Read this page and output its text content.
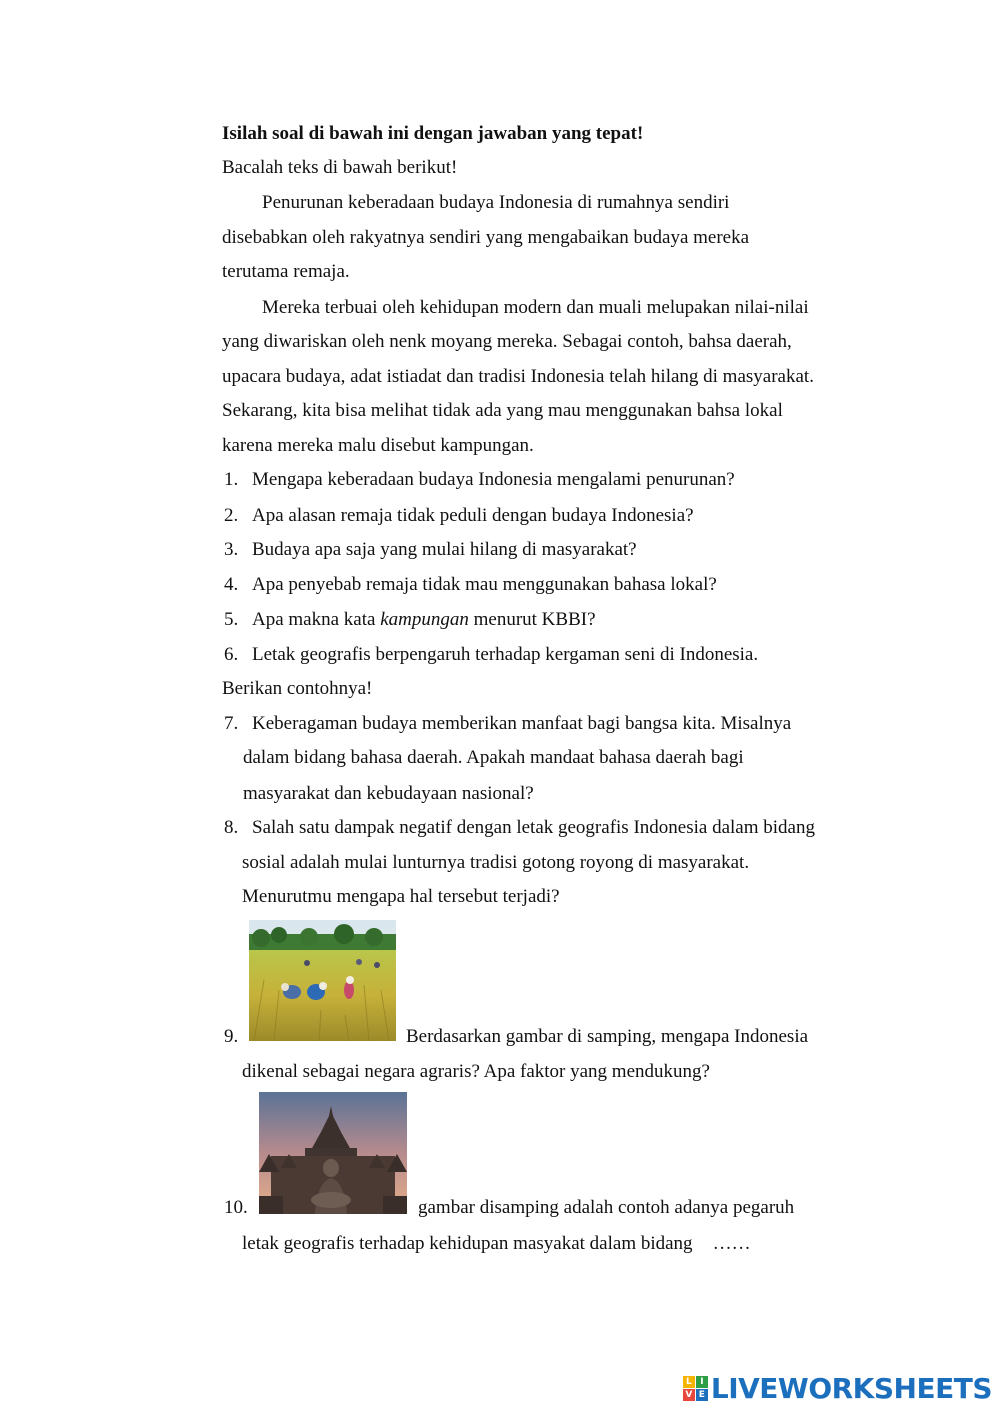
Isilah soal di bawah ini dengan jawaban yang tepat!
Bacalah teks di bawah berikut!
Penurunan keberadaan budaya Indonesia di rumahnya sendiri
disebabkan oleh rakyatnya sendiri yang mengabaikan budaya mereka
terutama remaja.
Mereka terbuai oleh kehidupan modern dan muali melupakan nilai-nilai
yang diwariskan oleh nenk moyang mereka. Sebagai contoh, bahsa daerah,
upacara budaya, adat istiadat dan tradisi Indonesia telah hilang di masyarakat.
Sekarang, kita bisa melihat tidak ada yang mau menggunakan bahsa lokal
karena mereka malu disebut kampungan.
1. Mengapa keberadaan budaya Indonesia mengalami penurunan?
2. Apa alasan remaja tidak peduli dengan budaya Indonesia?
3. Budaya apa saja yang mulai hilang di masyarakat?
4. Apa penyebab remaja tidak mau menggunakan bahasa lokal?
5. Apa makna kata kampungan menurut KBBI?
6. Letak geografis berpengaruh terhadap kergaman seni di Indonesia.
Berikan contohnya!
7. Keberagaman budaya memberikan manfaat bagi bangsa kita. Misalnya
dalam bidang bahasa daerah. Apakah mandaat bahasa daerah bagi
masyarakat dan kebudayaan nasional?
8. Salah satu dampak negatif dengan letak geografis Indonesia dalam bidang
sosial adalah mulai lunturnya tradisi gotong royong di masyarakat.
Menurutmu mengapa hal tersebut terjadi?
9.	Berdasarkan gambar di samping, mengapa Indonesia
dikenal sebagai negara agraris? Apa faktor yang mendukung?
10.	gambar disamping adalah contoh adanya pegaruh
letak geografis terhadap kehidupan masyakat dalam bidang ……
L I
V E LIVEWORKSHEETS
